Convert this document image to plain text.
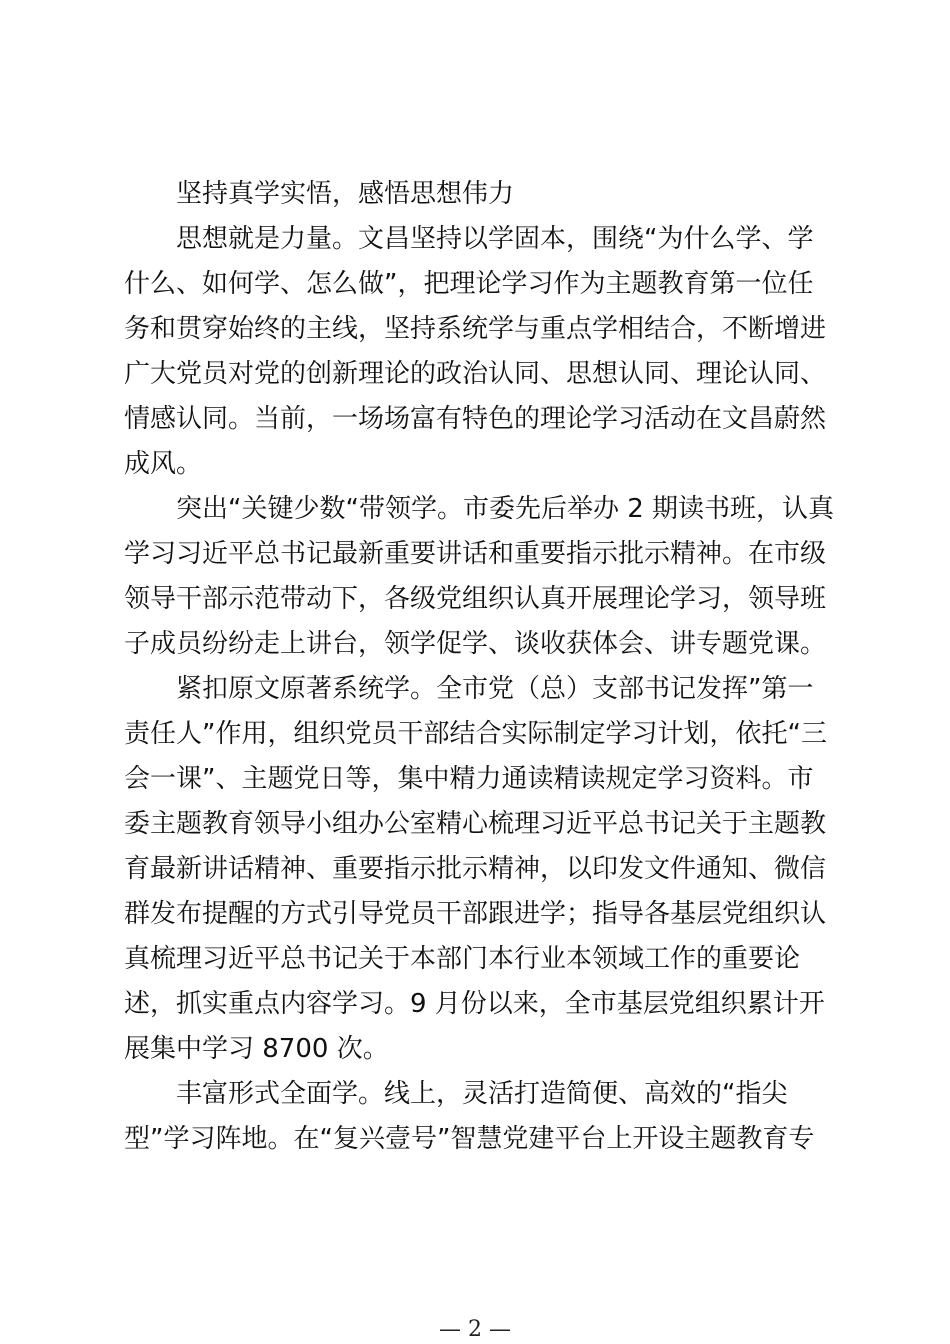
坚持真学实悟，感悟思想伟力

思想就是力量。文昌坚持以学固本，围绕“为什么学、学什么、如何学、怎么做”，把理论学习作为主题教育第一位任务和贯穿始终的主线，坚持系统学与重点学相结合，不断增进广大党员对党的创新理论的政治认同、思想认同、理论认同、情感认同。当前，一场场富有特色的理论学习活动在文昌蔚然成风。

突出“关键少数“带领学。市委先后举办 2 期读书班，认真学习习近平总书记最新重要讲话和重要指示批示精神。在市级领导干部示范带动下，各级党组织认真开展理论学习，领导班子成员纷纷走上讲台，领学促学、谈收获体会、讲专题党课。

紧扣原文原著系统学。全市党（总）支部书记发挥”第一责任人”作用，组织党员干部结合实际制定学习计划，依托“三会一课”、主题党日等，集中精力通读精读规定学习资料。市委主题教育领导小组办公室精心梳理习近平总书记关于主题教育最新讲话精神、重要指示批示精神，以印发文件通知、微信群发布提醒的方式引导党员干部跟进学；指导各基层党组织认真梳理习近平总书记关于本部门本行业本领域工作的重要论述，抓实重点内容学习。9 月份以来，全市基层党组织累计开展集中学习 8700 次。

丰富形式全面学。线上，灵活打造简便、高效的“指尖型”学习阵地。在“复兴壹号”智慧党建平台上开设主题教育专

— 2 —
